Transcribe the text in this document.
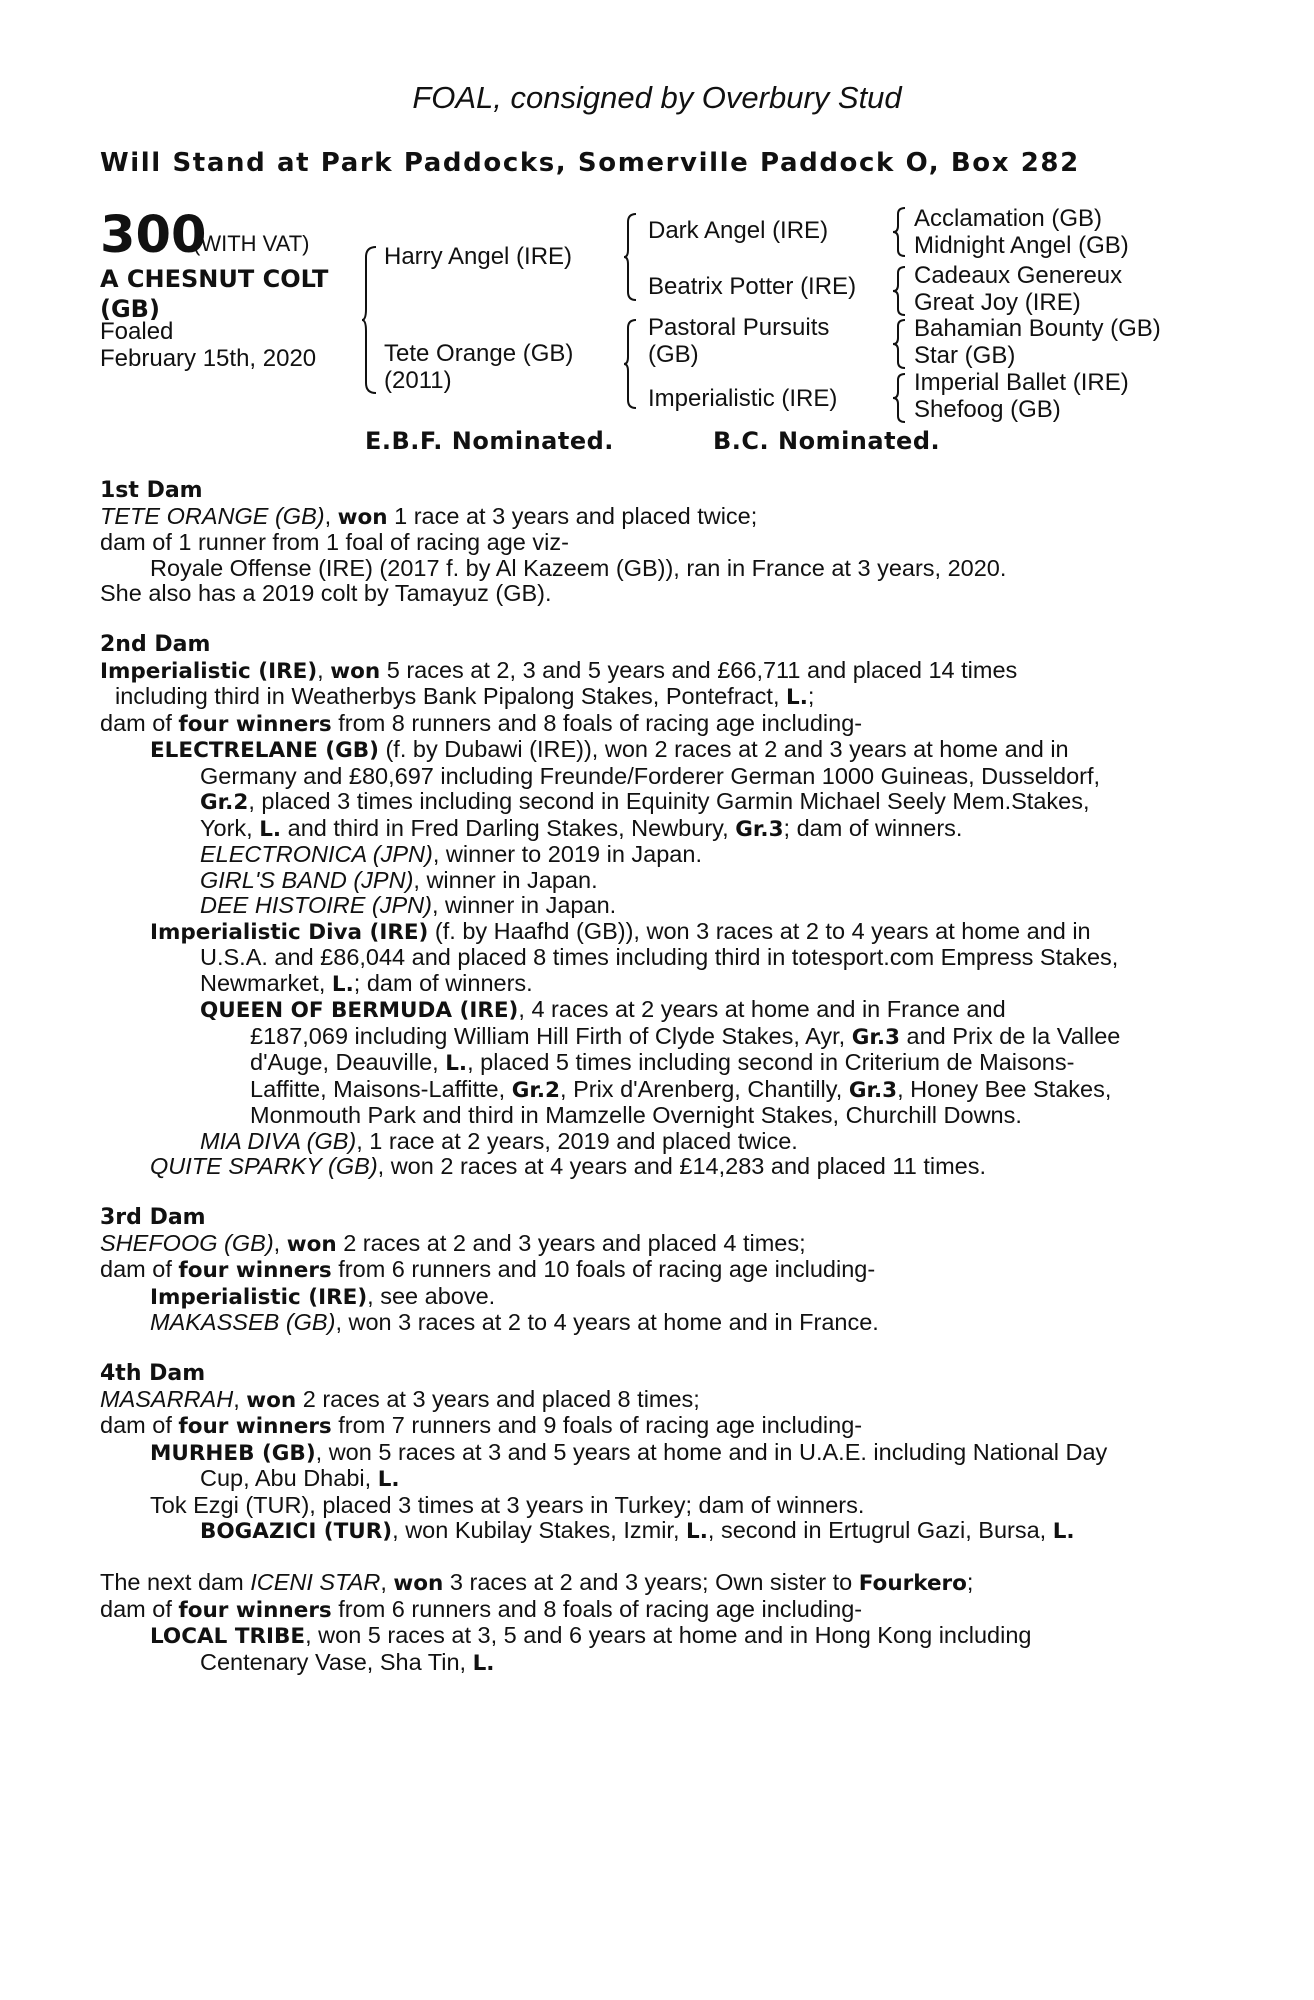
FOAL, consigned by Overbury Stud
Will Stand at Park Paddocks, Somerville Paddock O, Box 282
300
(WITH VAT)
A CHESNUT COLT (GB)
Foaled
February 15th, 2020
Harry Angel (IRE)
Tete Orange (GB)
(2011)
Dark Angel (IRE)
Beatrix Potter (IRE)
Pastoral Pursuits
(GB)
Imperialistic (IRE)
Acclamation (GB)
Midnight Angel (GB)
Cadeaux Genereux
Great Joy (IRE)
Bahamian Bounty (GB)
Star (GB)
Imperial Ballet (IRE)
Shefoog (GB)
E.B.F. Nominated.	B.C. Nominated.
1st Dam
TETE ORANGE (GB), won 1 race at 3 years and placed twice;
dam of 1 runner from 1 foal of racing age viz-
Royale Offense (IRE) (2017 f. by Al Kazeem (GB)), ran in France at 3 years, 2020.
She also has a 2019 colt by Tamayuz (GB).
2nd Dam
Imperialistic (IRE), won 5 races at 2, 3 and 5 years and £66,711 and placed 14 times
including third in Weatherbys Bank Pipalong Stakes, Pontefract, L.;
dam of four winners from 8 runners and 8 foals of racing age including-
ELECTRELANE (GB) (f. by Dubawi (IRE)), won 2 races at 2 and 3 years at home and in
Germany and £80,697 including Freunde/Forderer German 1000 Guineas, Dusseldorf,
Gr.2, placed 3 times including second in Equinity Garmin Michael Seely Mem.Stakes,
York, L. and third in Fred Darling Stakes, Newbury, Gr.3; dam of winners.
ELECTRONICA (JPN), winner to 2019 in Japan.
GIRL'S BAND (JPN), winner in Japan.
DEE HISTOIRE (JPN), winner in Japan.
Imperialistic Diva (IRE) (f. by Haafhd (GB)), won 3 races at 2 to 4 years at home and in
U.S.A. and £86,044 and placed 8 times including third in totesport.com Empress Stakes,
Newmarket, L.; dam of winners.
QUEEN OF BERMUDA (IRE), 4 races at 2 years at home and in France and
£187,069 including William Hill Firth of Clyde Stakes, Ayr, Gr.3 and Prix de la Vallee
d'Auge, Deauville, L., placed 5 times including second in Criterium de Maisons-
Laffitte, Maisons-Laffitte, Gr.2, Prix d'Arenberg, Chantilly, Gr.3, Honey Bee Stakes,
Monmouth Park and third in Mamzelle Overnight Stakes, Churchill Downs.
MIA DIVA (GB), 1 race at 2 years, 2019 and placed twice.
QUITE SPARKY (GB), won 2 races at 4 years and £14,283 and placed 11 times.
3rd Dam
SHEFOOG (GB), won 2 races at 2 and 3 years and placed 4 times;
dam of four winners from 6 runners and 10 foals of racing age including-
Imperialistic (IRE), see above.
MAKASSEB (GB), won 3 races at 2 to 4 years at home and in France.
4th Dam
MASARRAH, won 2 races at 3 years and placed 8 times;
dam of four winners from 7 runners and 9 foals of racing age including-
MURHEB (GB), won 5 races at 3 and 5 years at home and in U.A.E. including National Day
Cup, Abu Dhabi, L.
Tok Ezgi (TUR), placed 3 times at 3 years in Turkey; dam of winners.
BOGAZICI (TUR), won Kubilay Stakes, Izmir, L., second in Ertugrul Gazi, Bursa, L.
The next dam ICENI STAR, won 3 races at 2 and 3 years; Own sister to Fourkero;
dam of four winners from 6 runners and 8 foals of racing age including-
LOCAL TRIBE, won 5 races at 3, 5 and 6 years at home and in Hong Kong including
Centenary Vase, Sha Tin, L.
